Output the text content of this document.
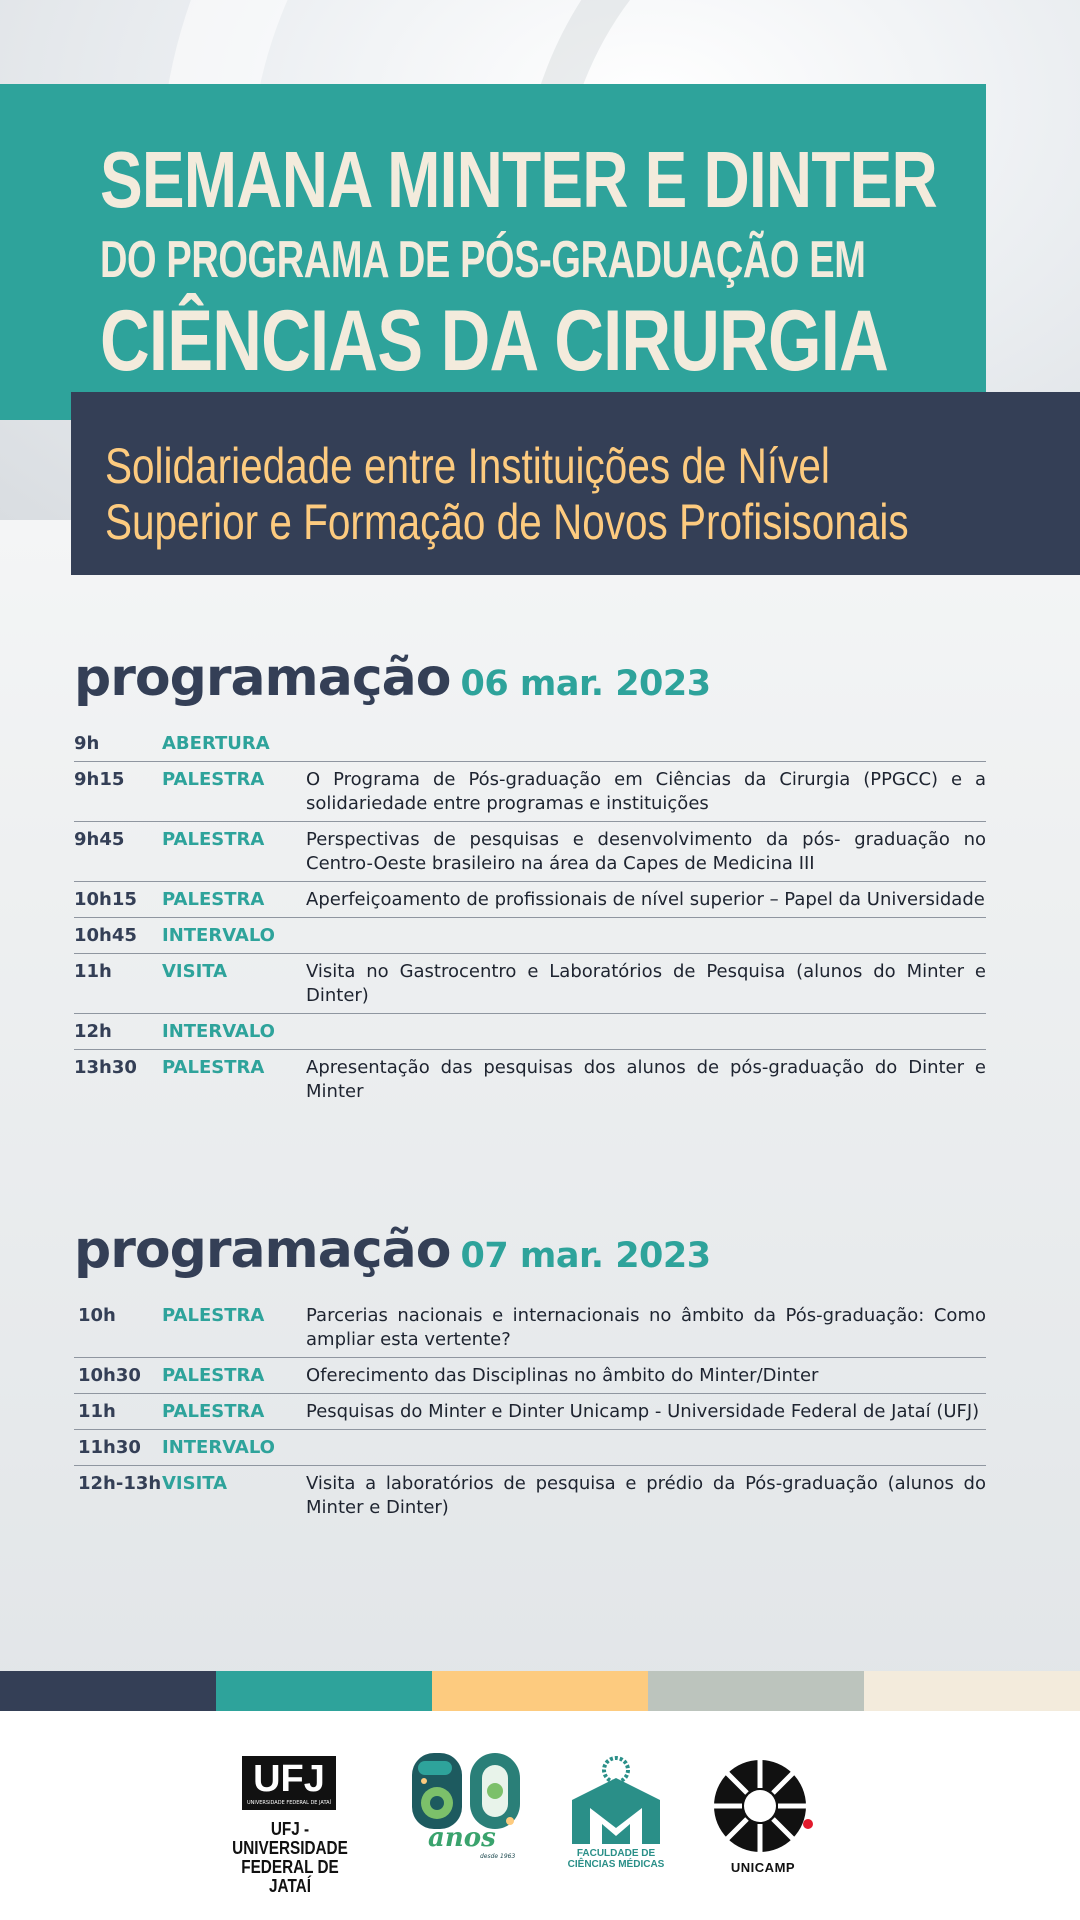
SEMANA MINTER E DINTER
DO PROGRAMA DE PÓS-GRADUAÇÃO EM
CIÊNCIAS DA CIRURGIA
Solidariedade entre Instituições de Nível
Superior e Formação de Novos Profisisonais
programação 06 mar. 2023
9h	ABERTURA
9h15	PALESTRA	O Programa de Pós-graduação em Ciências da Cirurgia (PPGCC) e a solidariedade entre programas e instituições
9h45	PALESTRA	Perspectivas de pesquisas e desenvolvimento da pós- graduação no Centro-Oeste brasileiro na área da Capes de Medicina III
10h15	PALESTRA	Aperfeiçoamento de profissionais de nível superior – Papel da Universidade
10h45	INTERVALO
11h	VISITA	Visita no Gastrocentro e Laboratórios de Pesquisa (alunos do Minter e Dinter)
12h	INTERVALO
13h30	PALESTRA	Apresentação das pesquisas dos alunos de pós-graduação do Dinter e Minter
programação 07 mar. 2023
10h	PALESTRA	Parcerias nacionais e internacionais no âmbito da Pós-graduação: Como ampliar esta vertente?
10h30	PALESTRA	Oferecimento das Disciplinas no âmbito do Minter/Dinter
11h	PALESTRA	Pesquisas do Minter e Dinter Unicamp - Universidade Federal de Jataí (UFJ)
11h30	INTERVALO
12h-13h VISITA	Visita a laboratórios de pesquisa e prédio da Pós-graduação (alunos do Minter e Dinter)
UFJ
UNIVERSIDADE FEDERAL DE JATAÍ
UFJ - UNIVERSIDADE
FEDERAL DE JATAÍ
anos
desde 1963	FACULDADE DE
CIÊNCIAS MÉDICAS	UNICAMP
